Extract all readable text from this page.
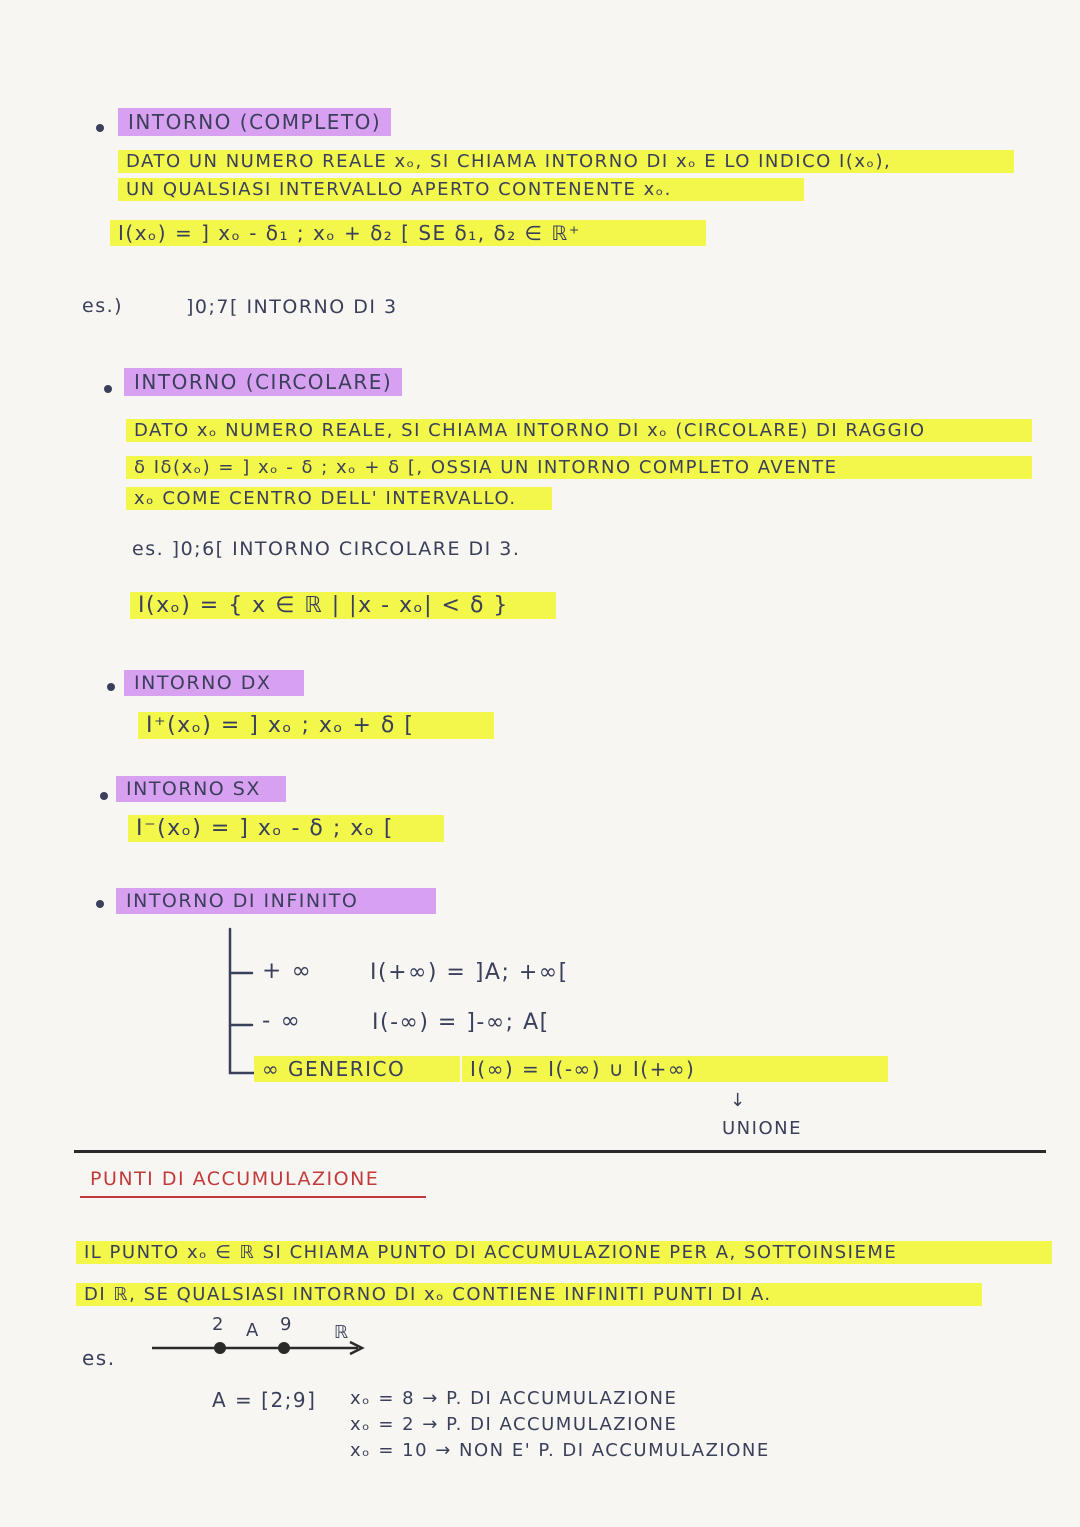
INTORNO (COMPLETO)
DATO UN NUMERO REALE xₒ, SI CHIAMA INTORNO DI xₒ E LO INDICO I(xₒ),
UN QUALSIASI INTERVALLO APERTO CONTENENTE xₒ.
I(xₒ) = ] xₒ - δ₁ ; xₒ + δ₂ [ SE δ₁, δ₂ ∈ ℝ⁺
es.)	]0;7[ INTORNO DI 3
INTORNO (CIRCOLARE)
DATO xₒ NUMERO REALE, SI CHIAMA INTORNO DI xₒ (CIRCOLARE) DI RAGGIO
δ Iδ(xₒ) = ] xₒ - δ ; xₒ + δ [, OSSIA UN INTORNO COMPLETO AVENTE
xₒ COME CENTRO DELL' INTERVALLO.
es. ]0;6[ INTORNO CIRCOLARE DI 3.
I(xₒ) = { x ∈ ℝ | |x - xₒ| < δ }
INTORNO DX
I⁺(xₒ) = ] xₒ ; xₒ + δ [
INTORNO SX
I⁻(xₒ) = ] xₒ - δ ; xₒ [
INTORNO DI INFINITO
+ ∞	I(+∞) = ]A; +∞[
- ∞	I(-∞) = ]-∞; A[
∞ GENERICO	I(∞) = I(-∞) ∪ I(+∞)
↓
UNIONE
PUNTI DI ACCUMULAZIONE
IL PUNTO xₒ ∈ ℝ SI CHIAMA PUNTO DI ACCUMULAZIONE PER A, SOTTOINSIEME
DI ℝ, SE QUALSIASI INTORNO DI xₒ CONTIENE INFINITI PUNTI DI A.
es.
2 A 9 ℝ
A = [2;9] xₒ = 8 → P. DI ACCUMULAZIONE
xₒ = 2 → P. DI ACCUMULAZIONE
xₒ = 10 → NON E' P. DI ACCUMULAZIONE
